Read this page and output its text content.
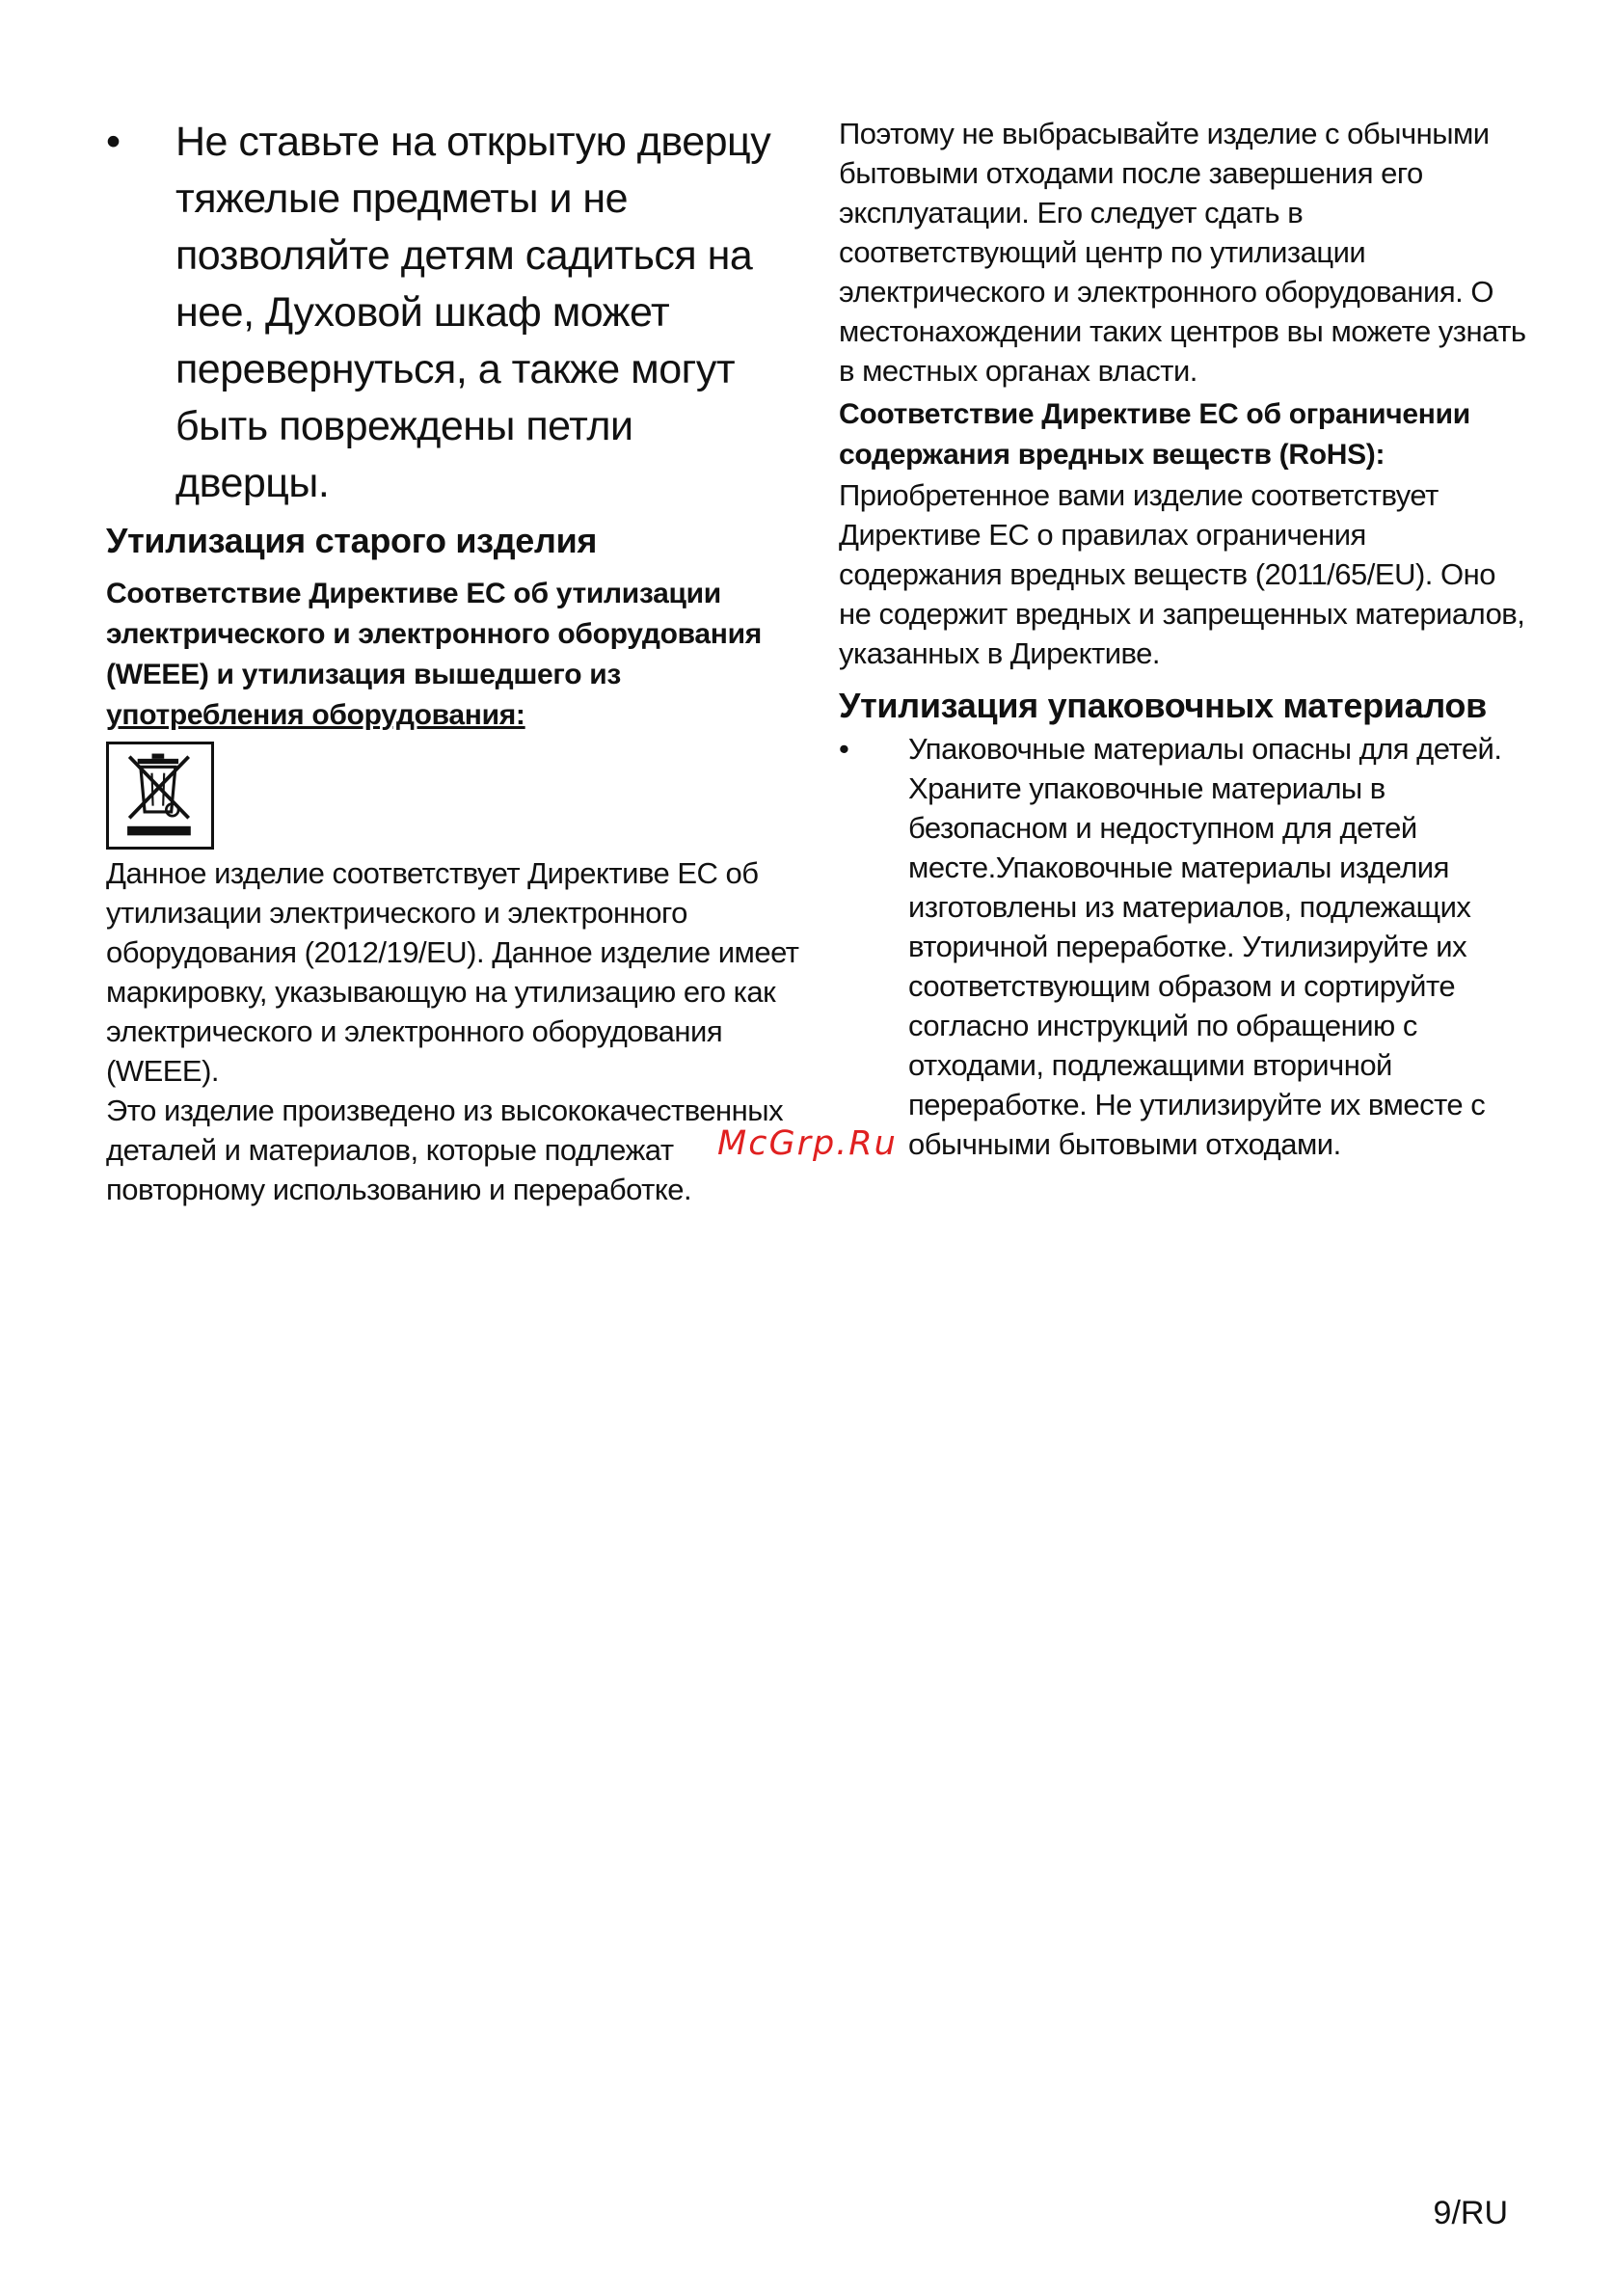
•	Не ставьте на открытую дверцу тяжелые предметы и не позволяйте детям садиться на нее, Духовой шкаф может перевернуться, а также могут быть повреждены петли дверцы.
Утилизация старого изделия
Соответствие Директиве ЕС об утилизации электрического и электронного оборудования (WEEE) и утилизация вышедшего из употребления оборудования:

Данное изделие соответствует Директиве ЕС об утилизации электрического и электронного оборудования (2012/19/EU). Данное изделие имеет маркировку, указывающую на утилизацию его как электрического и электронного оборудования (WEEE).

Это изделие произведено из высококачественных деталей и материалов, которые подлежат повторному использованию и переработке.

Поэтому не выбрасывайте изделие с обычными бытовыми отходами после завершения его эксплуатации. Его следует сдать в соответствующий центр по утилизации электрического и электронного оборудования. О местонахождении таких центров вы можете узнать в местных органах власти.

Соответствие Директиве ЕС об ограничении содержания вредных веществ (RoHS):

Приобретенное вами изделие соответствует Директиве ЕС о правилах ограничения содержания вредных веществ (2011/65/EU). Оно не содержит вредных и запрещенных материалов, указанных в Директиве.

Утилизация упаковочных материалов
•	Упаковочные материалы опасны для детей. Храните упаковочные материалы в безопасном и недоступном для детей месте.Упаковочные материалы изделия изготовлены из материалов, подлежащих вторичной переработке. Утилизируйте их соответствующим образом и сортируйте согласно инструкций по обращению с отходами, подлежащими вторичной переработке. Не утилизируйте их вместе с обычными бытовыми отходами.
McGrp.Ru
9/RU
